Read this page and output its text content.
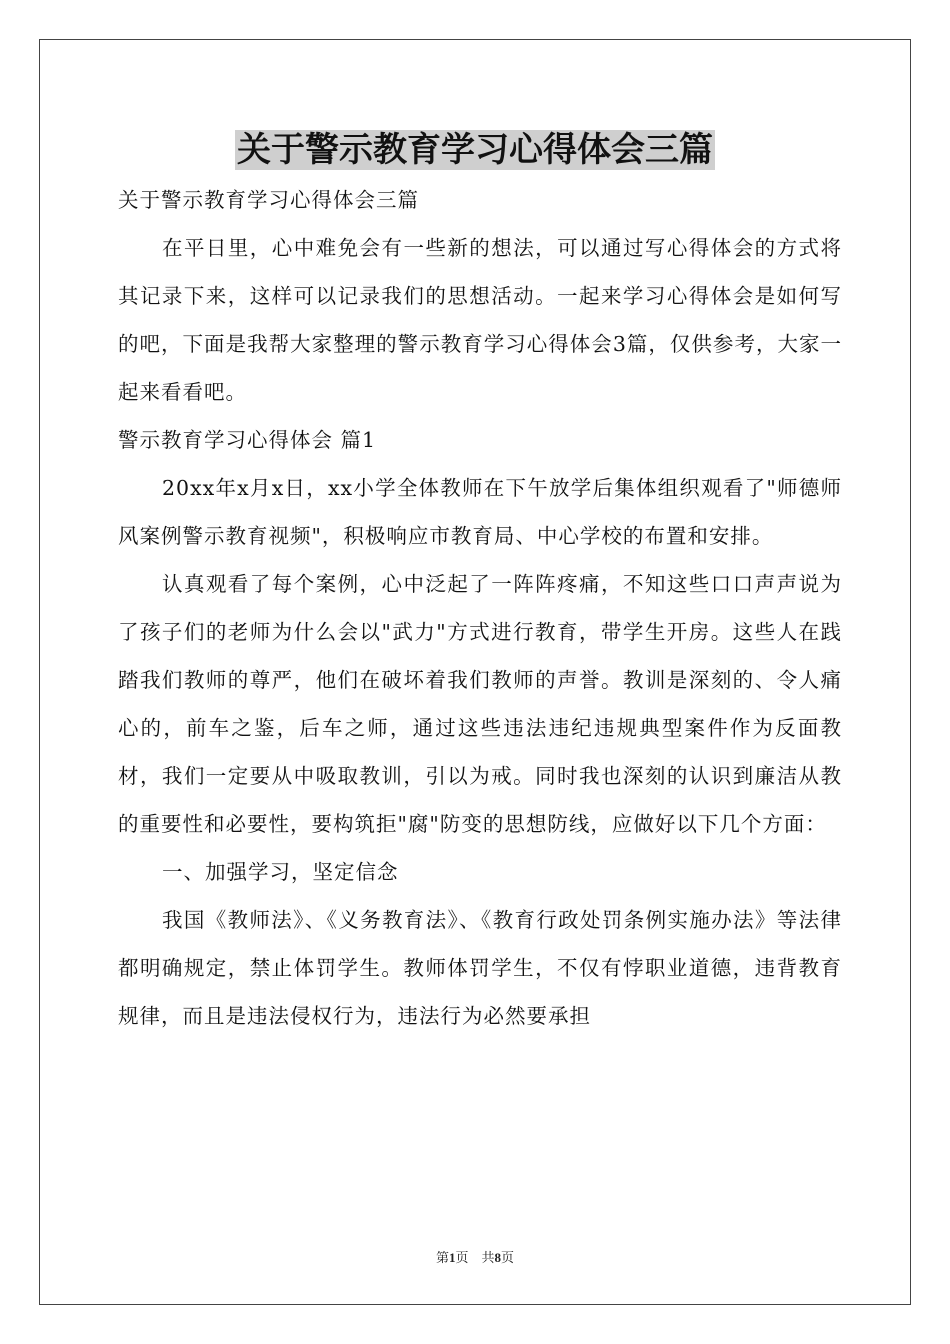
关于警示教育学习心得体会三篇

关于警示教育学习心得体会三篇

在平日里，心中难免会有一些新的想法，可以通过写心得体会的方式将其记录下来，这样可以记录我们的思想活动。一起来学习心得体会是如何写的吧，下面是我帮大家整理的警示教育学习心得体会3篇，仅供参考，大家一起来看看吧。

警示教育学习心得体会 篇1

20xx年x月x日，xx小学全体教师在下午放学后集体组织观看了"师德师风案例警示教育视频"，积极响应市教育局、中心学校的布置和安排。

认真观看了每个案例，心中泛起了一阵阵疼痛，不知这些口口声声说为了孩子们的老师为什么会以"武力"方式进行教育，带学生开房。这些人在践踏我们教师的尊严，他们在破坏着我们教师的声誉。教训是深刻的、令人痛心的，前车之鉴，后车之师，通过这些违法违纪违规典型案件作为反面教材，我们一定要从中吸取教训，引以为戒。同时我也深刻的认识到廉洁从教的重要性和必要性，要构筑拒"腐"防变的思想防线，应做好以下几个方面：

一、加强学习，坚定信念

我国《教师法》、《义务教育法》、《教育行政处罚条例实施办法》等法律都明确规定，禁止体罚学生。教师体罚学生，不仅有悖职业道德，违背教育规律，而且是违法侵权行为，违法行为必然要承担

第1页　共8页
